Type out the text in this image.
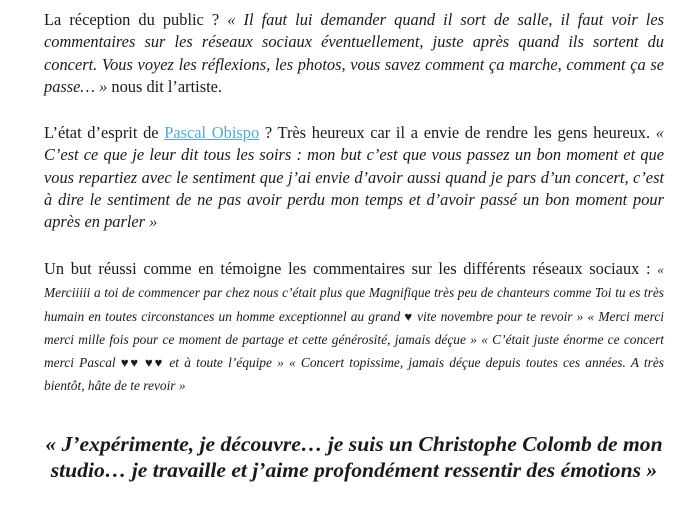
La réception du public ? « Il faut lui demander quand il sort de salle, il faut voir les commentaires sur les réseaux sociaux éventuellement, juste après quand ils sortent du concert. Vous voyez les réflexions, les photos, vous savez comment ça marche, comment ça se passe… » nous dit l’artiste.

L’état d’esprit de Pascal Obispo ? Très heureux car il a envie de rendre les gens heureux. « C’est ce que je leur dit tous les soirs : mon but c’est que vous passez un bon moment et que vous repartiez avec le sentiment que j’ai envie d’avoir aussi quand je pars d’un concert, c’est à dire le sentiment de ne pas avoir perdu mon temps et d’avoir passé un bon moment pour après en parler »

Un but réussi comme en témoigne les commentaires sur les différents réseaux sociaux : « Merciiiii a toi de commencer par chez nous c’était plus que Magnifique très peu de chanteurs comme Toi tu es très humain en toutes circonstances un homme exceptionnel au grand ♥ vite novembre pour te revoir » « Merci merci merci mille fois pour ce moment de partage et cette générosité, jamais déçue » « C’était juste énorme ce concert merci Pascal ♥♥ ♥♥ et à toute l’équipe » « Concert topissime, jamais déçue depuis toutes ces années. A très bientôt, hâte de te revoir »

« J’expérimente, je découvre… je suis un Christophe Colomb de mon studio… je travaille et j’aime profondément ressentir des émotions »
